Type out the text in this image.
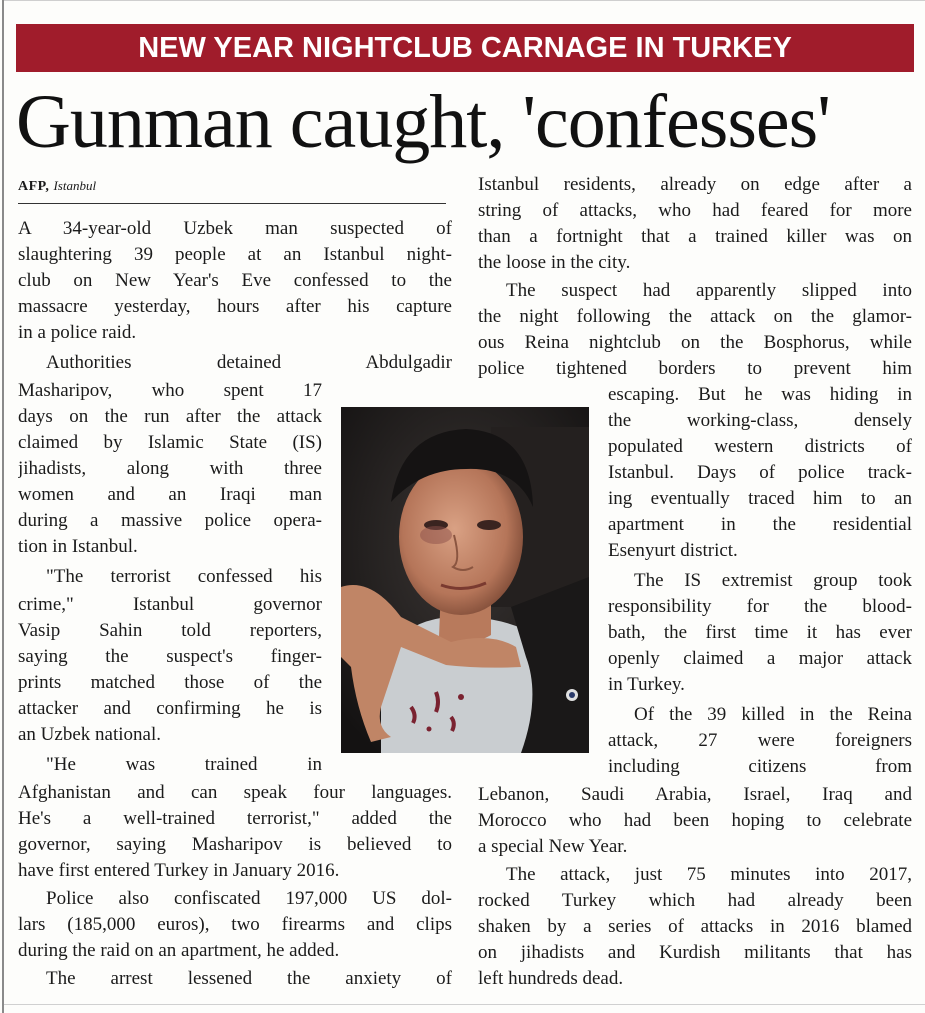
NEW YEAR NIGHTCLUB CARNAGE IN TURKEY
Gunman caught, 'confesses'
AFP, Istanbul
A 34-year-old Uzbek man suspected of
slaughtering 39 people at an Istanbul night-
club on New Year's Eve confessed to the
massacre yesterday, hours after his capture
in a police raid.
Authorities detained Abdulgadir
Masharipov, who spent 17
days on the run after the attack
claimed by Islamic State (IS)
jihadists, along with three
women and an Iraqi man
during a massive police opera-
tion in Istanbul.
"The terrorist confessed his
crime," Istanbul governor
Vasip Sahin told reporters,
saying the suspect's finger-
prints matched those of the
attacker and confirming he is
an Uzbek national.
"He was trained in
Afghanistan and can speak four languages.
He's a well-trained terrorist," added the
governor, saying Masharipov is believed to
have first entered Turkey in January 2016.
Police also confiscated 197,000 US dol-
lars (185,000 euros), two firearms and clips
during the raid on an apartment, he added.
The arrest lessened the anxiety of
Istanbul residents, already on edge after a
string of attacks, who had feared for more
than a fortnight that a trained killer was on
the loose in the city.
The suspect had apparently slipped into
the night following the attack on the glamor-
ous Reina nightclub on the Bosphorus, while
police tightened borders to prevent him
escaping. But he was hiding in
the working-class, densely
populated western districts of
Istanbul. Days of police track-
ing eventually traced him to an
apartment in the residential
Esenyurt district.
The IS extremist group took
responsibility for the blood-
bath, the first time it has ever
openly claimed a major attack
in Turkey.
Of the 39 killed in the Reina
attack, 27 were foreigners
including citizens from
Lebanon, Saudi Arabia, Israel, Iraq and
Morocco who had been hoping to celebrate
a special New Year.
The attack, just 75 minutes into 2017,
rocked Turkey which had already been
shaken by a series of attacks in 2016 blamed
on jihadists and Kurdish militants that has
left hundreds dead.
